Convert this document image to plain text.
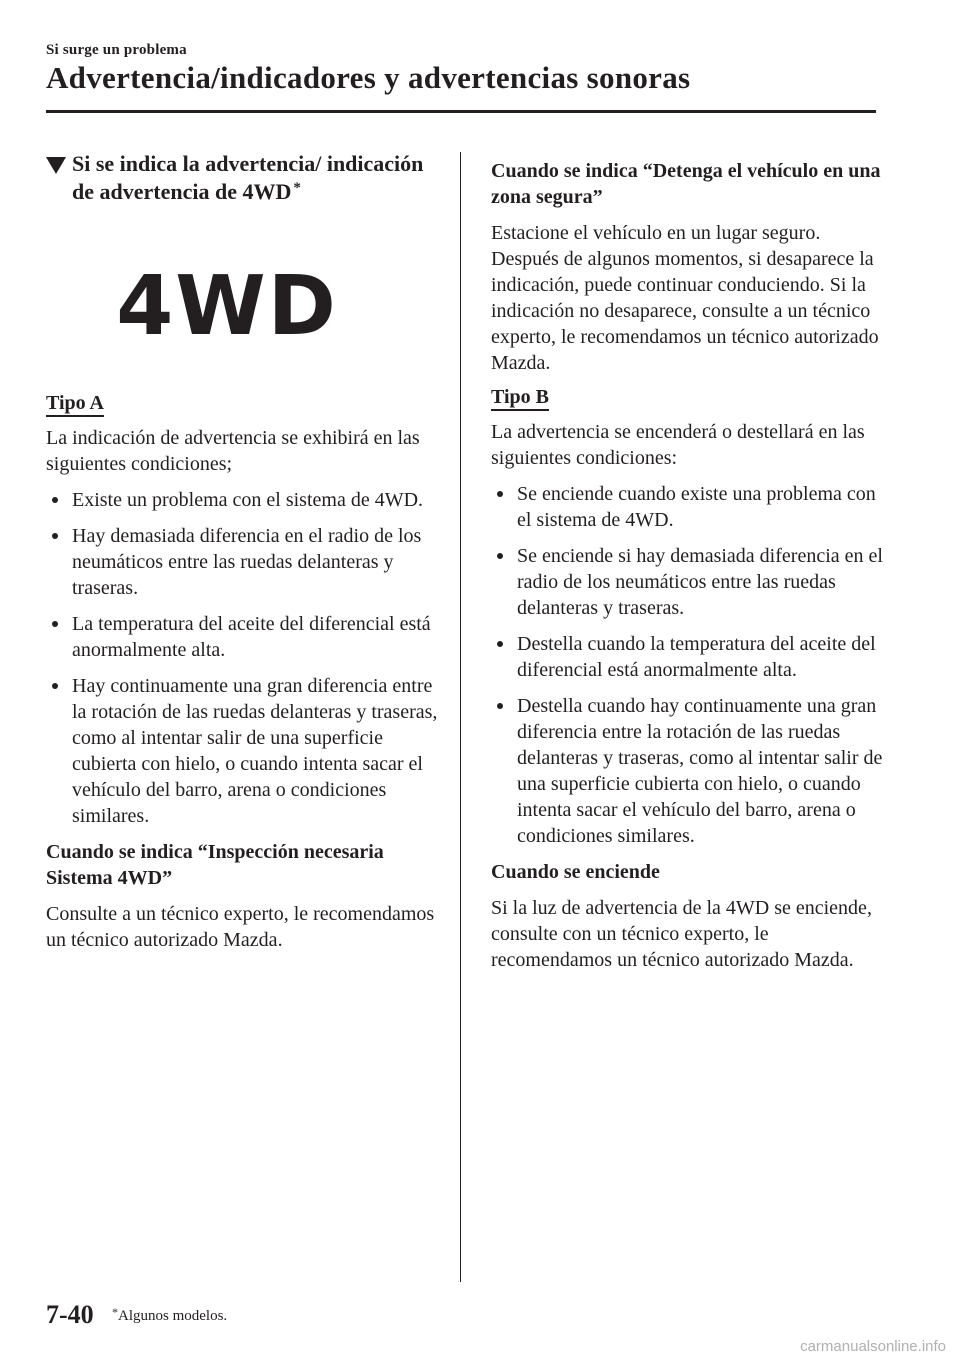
Si surge un problema
Advertencia/indicadores y advertencias sonoras
Si se indica la advertencia/ indicación de advertencia de 4WD *
4WD
Tipo A

La indicación de advertencia se exhibirá en las siguientes condiciones;

Existe un problema con el sistema de 4WD.
Hay demasiada diferencia en el radio de los neumáticos entre las ruedas delanteras y traseras.
La temperatura del aceite del diferencial está anormalmente alta.
Hay continuamente una gran diferencia entre la rotación de las ruedas delanteras y traseras, como al intentar salir de una superficie cubierta con hielo, o cuando intenta sacar el vehículo del barro, arena o condiciones similares.
Cuando se indica “Inspección necesaria Sistema 4WD”

Consulte a un técnico experto, le recomendamos un técnico autorizado Mazda.

Cuando se indica “Detenga el vehículo en una zona segura”

Estacione el vehículo en un lugar seguro. Después de algunos momentos, si desaparece la indicación, puede continuar conduciendo. Si la indicación no desaparece, consulte a un técnico experto, le recomendamos un técnico autorizado Mazda.

Tipo B

La advertencia se encenderá o destellará en las siguientes condiciones:

Se enciende cuando existe una problema con el sistema de 4WD.
Se enciende si hay demasiada diferencia en el radio de los neumáticos entre las ruedas delanteras y traseras.
Destella cuando la temperatura del aceite del diferencial está anormalmente alta.
Destella cuando hay continuamente una gran diferencia entre la rotación de las ruedas delanteras y traseras, como al intentar salir de una superficie cubierta con hielo, o cuando intenta sacar el vehículo del barro, arena o condiciones similares.
Cuando se enciende

Si la luz de advertencia de la 4WD se enciende, consulte con un técnico experto, le recomendamos un técnico autorizado Mazda.

7-40 *Algunos modelos.
carmanualsonline.info
